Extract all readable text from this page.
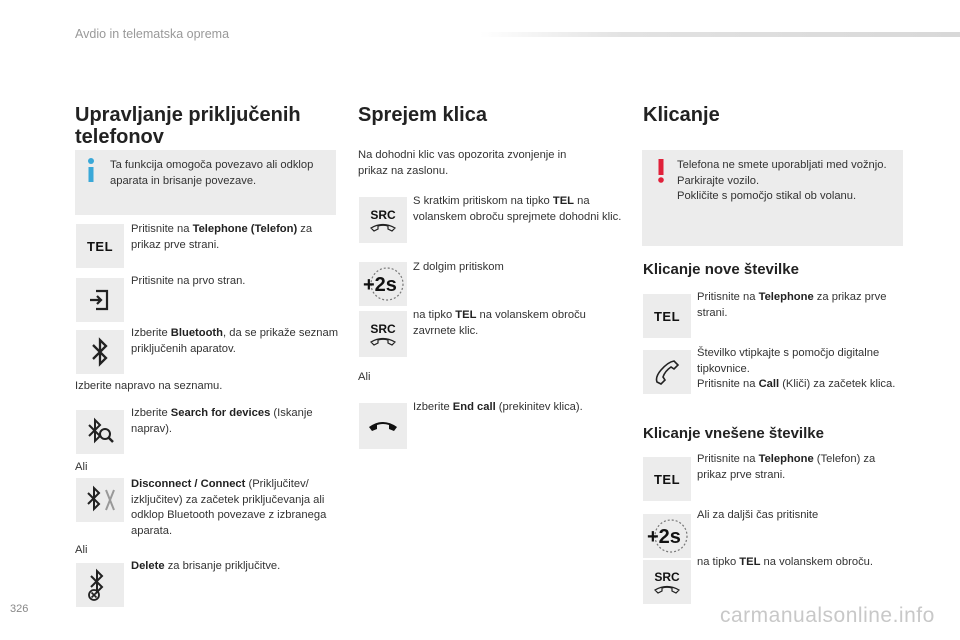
Avdio in telematska oprema
Upravljanje priključenih
telefonov
Ta funkcija omogoča povezavo ali odklop aparata in brisanje povezave.
TEL
Pritisnite na Telephone (Telefon) za prikaz prve strani.
Pritisnite na prvo stran.
Izberite Bluetooth, da se prikaže seznam priključenih aparatov.
Izberite napravo na seznamu.
Izberite Search for devices (Iskanje naprav).
Ali
Disconnect / Connect (Priključitev/ izključitev) za začetek priključevanja ali odklop Bluetooth povezave z izbranega aparata.
Ali
Delete za brisanje priključitve.
Sprejem klica
Na dohodni klic vas opozorita zvonjenje in prikaz na zaslonu.
SRC
S kratkim pritiskom na tipko TEL na volanskem obroču sprejmete dohodni klic.
+2s
Z dolgim pritiskom
SRC
na tipko TEL na volanskem obroču zavrnete klic.
Ali
Izberite End call (prekinitev klica).
Klicanje
Telefona ne smete uporabljati med vožnjo.
Parkirajte vozilo.
Pokličite s pomočjo stikal ob volanu.
Klicanje nove številke
TEL
Pritisnite na Telephone za prikaz prve strani.
Številko vtipkajte s pomočjo digitalne tipkovnice.
Pritisnite na Call (Kliči) za začetek klica.
Klicanje vnešene številke
TEL
Pritisnite na Telephone (Telefon) za prikaz prve strani.
+2s
Ali za daljši čas pritisnite
SRC
na tipko TEL na volanskem obroču.
326	carmanualsonline.info
